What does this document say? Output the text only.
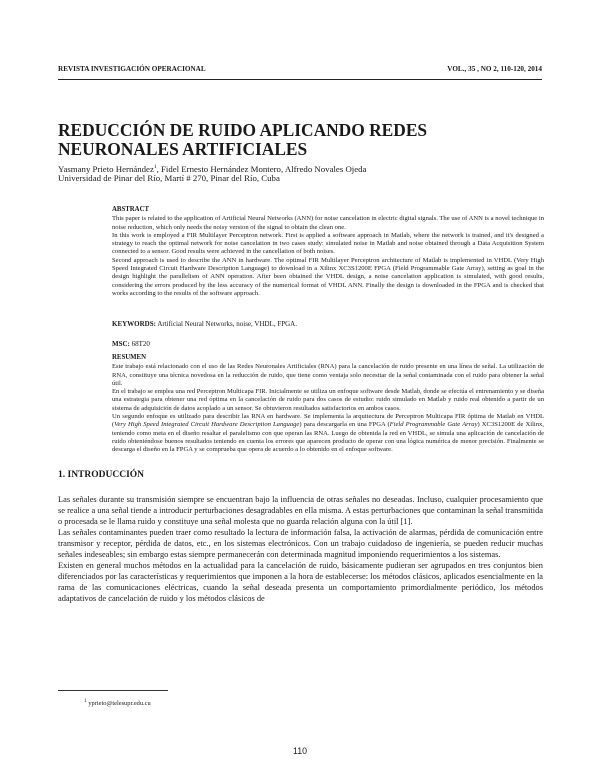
REVISTA INVESTIGACIÓN OPERACIONAL	VOL., 35 , NO 2, 110-120, 2014
REDUCCIÓN DE RUIDO APLICANDO REDES NEURONALES ARTIFICIALES
Yasmany Prieto Hernández$^1$, Fidel Ernesto Hernández Montero, Alfredo Novales Ojeda
Universidad de Pinar del Río, Martí # 270, Pinar del Río, Cuba
ABSTRACT

This paper is related to the application of Artificial Neural Networks (ANN) for noise cancelation in electric digital signals. The use of ANN is a novel technique in noise reduction, which only needs the noisy version of the signal to obtain the clean one.

In this work is employed a FIR Multilayer Perceptron network. First is applied a software approach in Matlab, where the network is trained, and it's designed a strategy to reach the optimal network for noise cancelation in two cases study: simulated noise in Matlab and noise obtained through a Data Acquisition System connected to a sensor. Good results were achieved in the cancellation of both noises.

Second approach is used to describe the ANN in hardware. The optimal FIR Multilayer Perceptron architecture of Matlab is implemented in VHDL (Very High Speed Integrated Circuit Hardware Description Language) to download in a Xilinx XC3S1200E FPGA (Field Programmable Gate Array), setting as goal in the design highlight the parallelism of ANN operation. After been obtained the VHDL design, a noise cancelation application is simulated, with good results, considering the errors produced by the less accuracy of the numerical format of VHDL ANN. Finally the design is downloaded in the FPGA and is checked that works according to the results of the software approach.

KEYWORDS: Artificial Neural Networks, noise, VHDL, FPGA.
MSC: 68T20
RESUMEN

Este trabajo está relacionado con el uso de las Redes Neuronales Artificiales (RNA) para la cancelación de ruido presente en una línea de señal. La utilización de RNA, constituye una técnica novedosa en la reducción de ruido, que tiene como ventaja solo necesitar de la señal contaminada con el ruido para obtener la señal útil.

En el trabajo se emplea una red Perceptron Multicapa FIR. Inicialmente se utiliza un enfoque software desde Matlab, donde se efectúa el entrenamiento y se diseña una estrategia para obtener una red óptima en la cancelación de ruido para dos casos de estudio: ruido simulado en Matlab y ruido real obtenido a partir de un sistema de adquisición de datos acoplado a un sensor. Se obtuvieron resultados satisfactorios en ambos casos.

Un segundo enfoque es utilizado para describir las RNA en hardware. Se implementa la arquitectura de Perceptron Multicapa FIR óptima de Matlab en VHDL (Very High Speed Integrated Circuit Hardware Description Language) para descargarla en una FPGA (Field Programmable Gate Array) XC3S1200E de Xilinx, teniendo como meta en el diseño resaltar el paralelismo con que operan las RNA. Luego de obtenida la red en VHDL, se simula una aplicación de cancelación de ruido obteniéndose buenos resultados teniendo en cuenta los errores que aparecen producto de operar con una lógica numérica de menor precisión. Finalmente se descarga el diseño en la FPGA y se comprueba que opera de acuerdo a lo obtenido en el enfoque software.

1. INTRODUCCIÓN

Las señales durante su transmisión siempre se encuentran bajo la influencia de otras señales no deseadas. Incluso, cualquier procesamiento que se realice a una señal tiende a introducir perturbaciones desagradables en ella misma. A estas perturbaciones que contaminan la señal transmitida o procesada se le llama ruido y constituye una señal molesta que no guarda relación alguna con la útil [1].

Las señales contaminantes pueden traer como resultado la lectura de información falsa, la activación de alarmas, pérdida de comunicación entre transmisor y receptor, pérdida de datos, etc., en los sistemas electrónicos. Con un trabajo cuidadoso de ingeniería, se pueden reducir muchas señales indeseables; sin embargo estas siempre permanecerán con determinada magnitud imponiendo requerimientos a los sistemas.

Existen en general muchos métodos en la actualidad para la cancelación de ruido, básicamente pudieran ser agrupados en tres conjuntos bien diferenciados por las características y requerimientos que imponen a la hora de establecerse: los métodos clásicos, aplicados esencialmente en la rama de las comunicaciones eléctricas, cuando la señal deseada presenta un comportamiento primordialmente periódico, los métodos adaptativos de cancelación de ruido y los métodos clásicos de

$^1$ yprieto@telesupr.edu.cu
110
